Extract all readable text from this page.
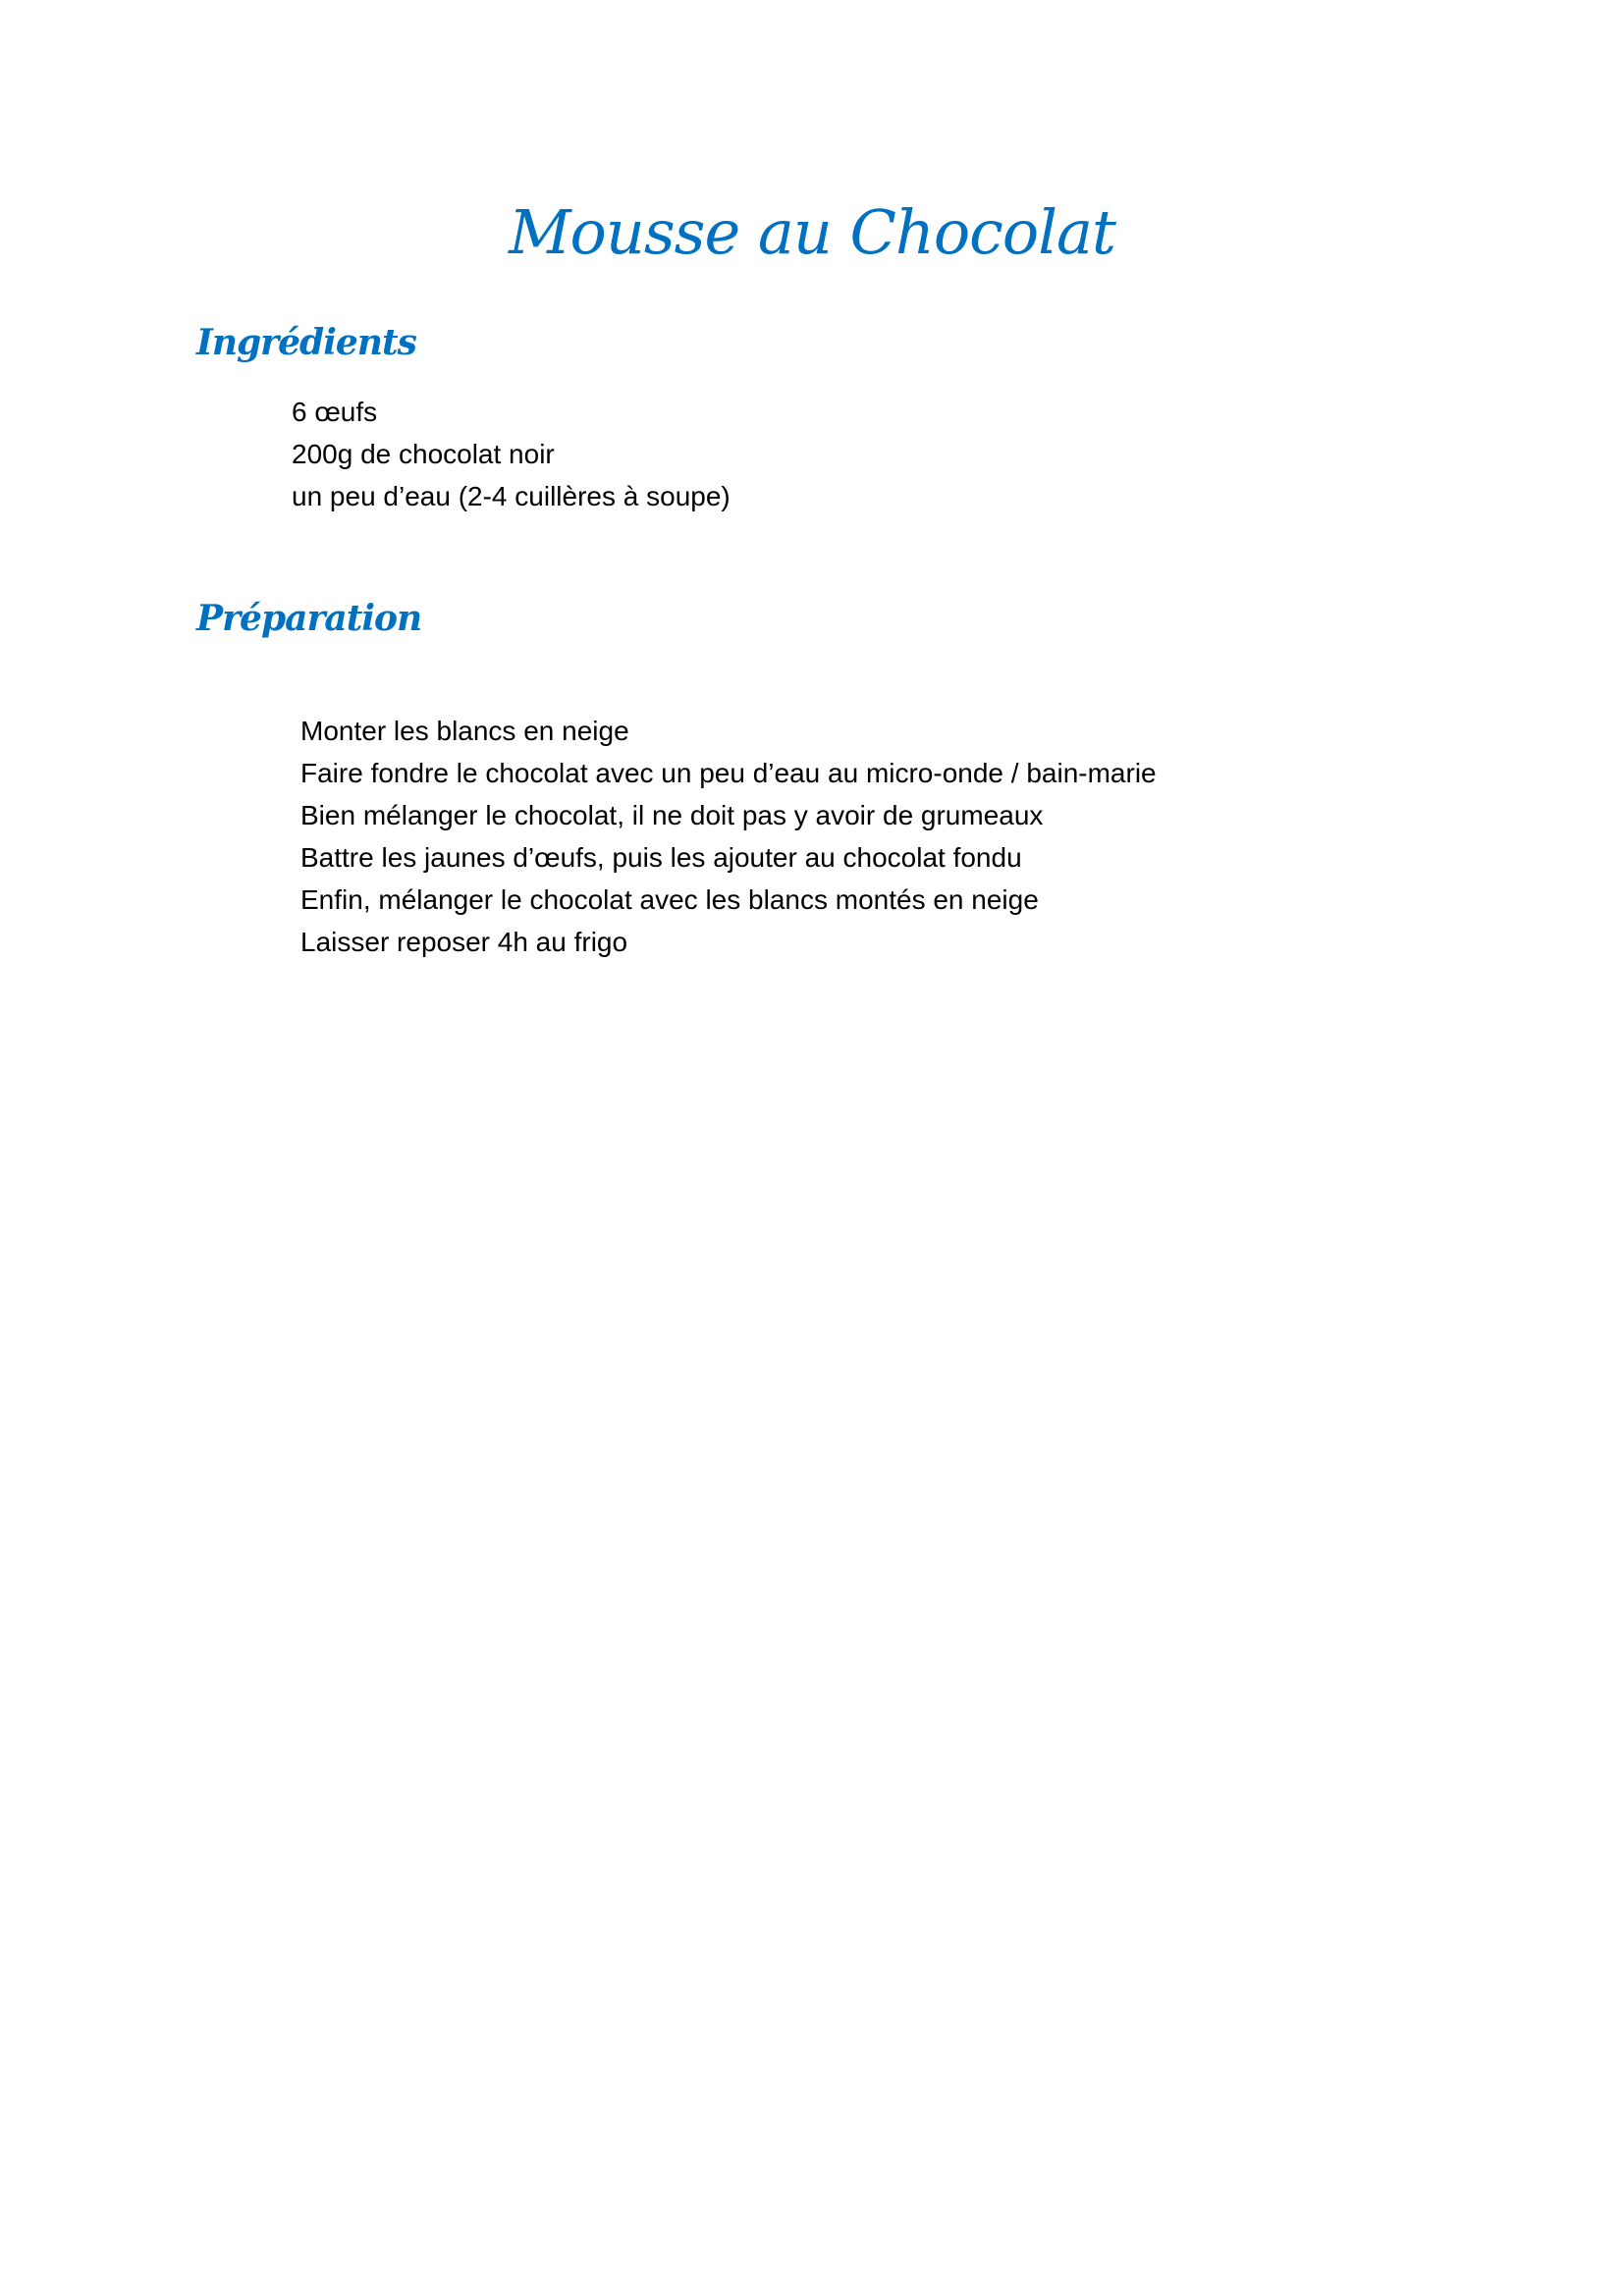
Mousse au Chocolat
Ingrédients
6 œufs
200g de chocolat noir
un peu d’eau (2-4 cuillères à soupe)
Préparation
Monter les blancs en neige
Faire fondre le chocolat avec un peu d’eau au micro-onde / bain-marie
Bien mélanger le chocolat, il ne doit pas y avoir de grumeaux
Battre les jaunes d’œufs, puis les ajouter au chocolat fondu
Enfin, mélanger le chocolat avec les blancs montés en neige
Laisser reposer 4h au frigo
